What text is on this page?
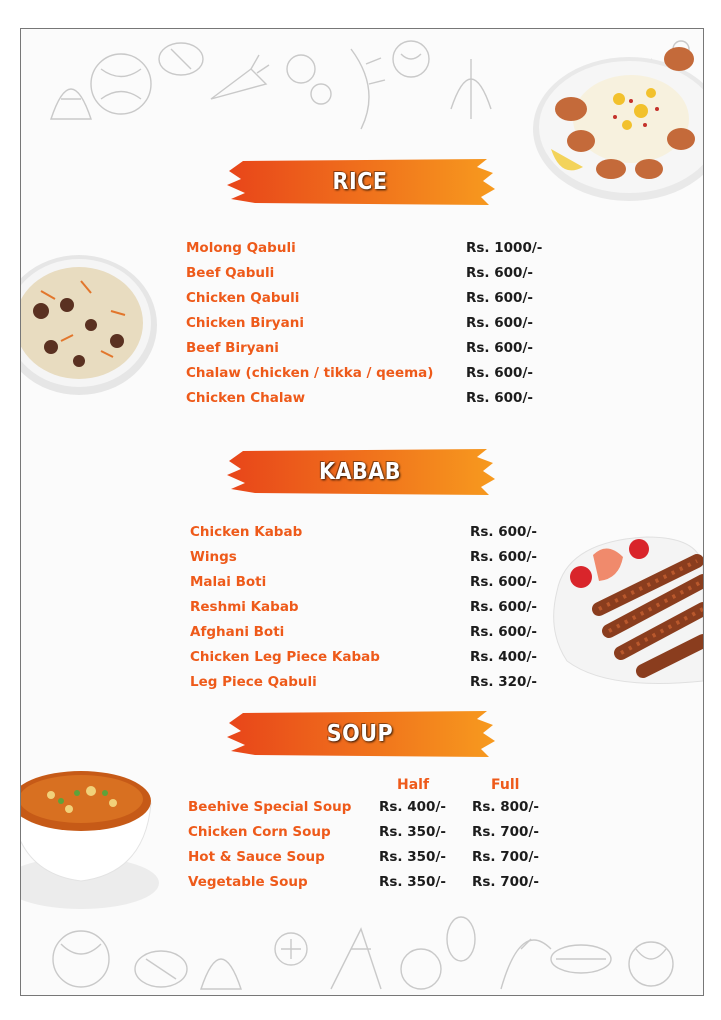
RICE
Molong Qabuli	Rs. 1000/-
Beef Qabuli	Rs. 600/-
Chicken Qabuli	Rs. 600/-
Chicken Biryani	Rs. 600/-
Beef Biryani	Rs. 600/-
Chalaw (chicken / tikka / qeema) Rs. 600/-
Chicken Chalaw	Rs. 600/-
KABAB
Chicken Kabab	Rs. 600/-
Wings	Rs. 600/-
Malai Boti	Rs. 600/-
Reshmi Kabab	Rs. 600/-
Afghani Boti	Rs. 600/-
Chicken Leg Piece Kabab	Rs. 400/-
Leg Piece Qabuli	Rs. 320/-
SOUP
Half	Full
Beehive Special Soup Rs. 400/- Rs. 800/-
Chicken Corn Soup	Rs. 350/- Rs. 700/-
Hot & Sauce Soup	Rs. 350/- Rs. 700/-
Vegetable Soup	Rs. 350/- Rs. 700/-
